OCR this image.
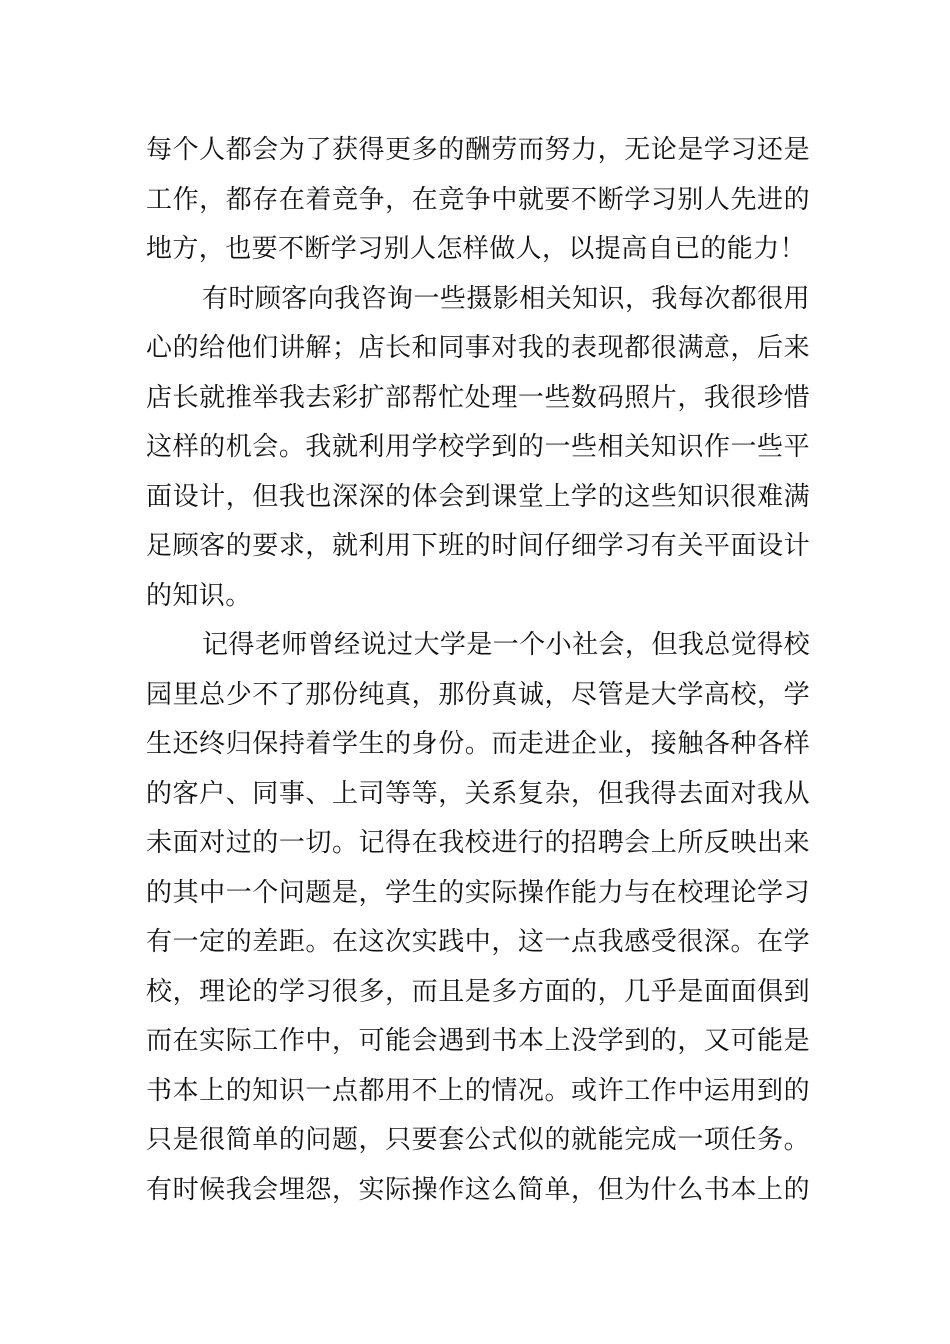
每个人都会为了获得更多的酬劳而努力，无论是学习还是
工作，都存在着竞争，在竞争中就要不断学习别人先进的
地方，也要不断学习别人怎样做人，以提高自已的能力！
有时顾客向我咨询一些摄影相关知识，我每次都很用
心的给他们讲解；店长和同事对我的表现都很满意，后来
店长就推举我去彩扩部帮忙处理一些数码照片，我很珍惜
这样的机会。我就利用学校学到的一些相关知识作一些平
面设计，但我也深深的体会到课堂上学的这些知识很难满
足顾客的要求，就利用下班的时间仔细学习有关平面设计
的知识。
记得老师曾经说过大学是一个小社会，但我总觉得校
园里总少不了那份纯真，那份真诚，尽管是大学高校，学
生还终归保持着学生的身份。而走进企业，接触各种各样
的客户、同事、上司等等，关系复杂，但我得去面对我从
未面对过的一切。记得在我校进行的招聘会上所反映出来
的其中一个问题是，学生的实际操作能力与在校理论学习
有一定的差距。在这次实践中，这一点我感受很深。在学
校，理论的学习很多，而且是多方面的，几乎是面面俱到
而在实际工作中，可能会遇到书本上没学到的，又可能是
书本上的知识一点都用不上的情况。或许工作中运用到的
只是很简单的问题，只要套公式似的就能完成一项任务。
有时候我会埋怨，实际操作这么简单，但为什么书本上的
